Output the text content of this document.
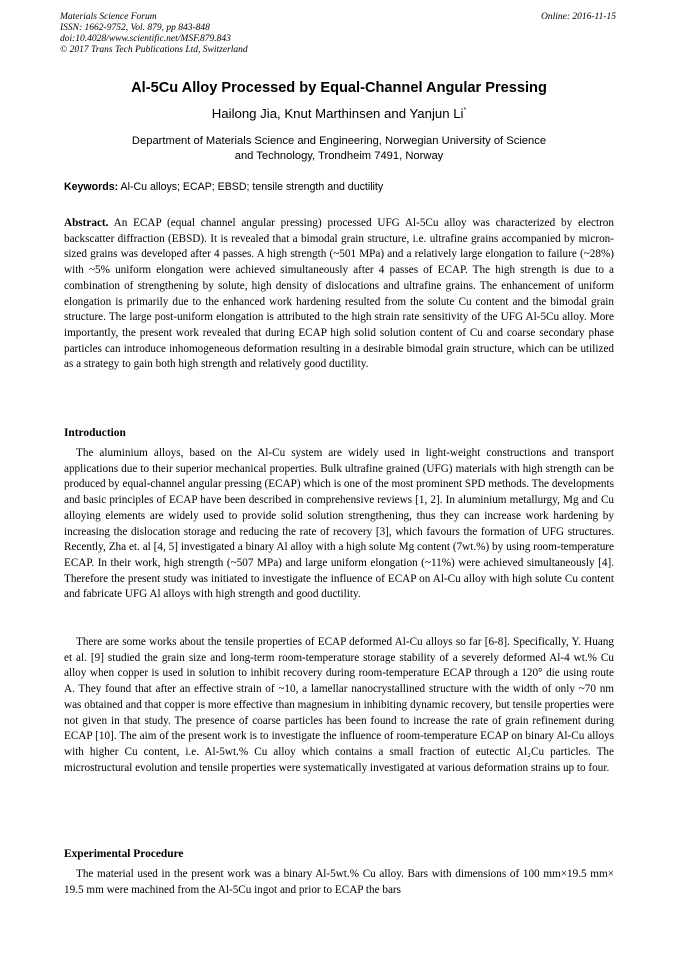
Materials Science Forum
ISSN: 1662-9752, Vol. 879, pp 843-848
doi:10.4028/www.scientific.net/MSF.879.843
© 2017 Trans Tech Publications Ltd, Switzerland
Online: 2016-11-15
Al-5Cu Alloy Processed by Equal-Channel Angular Pressing
Hailong Jia, Knut Marthinsen and Yanjun Li*
Department of Materials Science and Engineering, Norwegian University of Science
and Technology, Trondheim 7491, Norway
Keywords: Al-Cu alloys; ECAP; EBSD; tensile strength and ductility

Abstract. An ECAP (equal channel angular pressing) processed UFG Al-5Cu alloy was characterized by electron backscatter diffraction (EBSD). It is revealed that a bimodal grain structure, i.e. ultrafine grains accompanied by micron-sized grains was developed after 4 passes. A high strength (~501 MPa) and a relatively large elongation to failure (~28%) with ~5% uniform elongation were achieved simultaneously after 4 passes of ECAP. The high strength is due to a combination of strengthening by solute, high density of dislocations and ultrafine grains. The enhancement of uniform elongation is primarily due to the enhanced work hardening resulted from the solute Cu content and the bimodal grain structure. The large post-uniform elongation is attributed to the high strain rate sensitivity of the UFG Al-5Cu alloy. More importantly, the present work revealed that during ECAP high solid solution content of Cu and coarse secondary phase particles can introduce inhomogeneous deformation resulting in a desirable bimodal grain structure, which can be utilized as a strategy to gain both high strength and relatively good ductility.

Introduction

The aluminium alloys, based on the Al-Cu system are widely used in light-weight constructions and transport applications due to their superior mechanical properties. Bulk ultrafine grained (UFG) materials with high strength can be produced by equal-channel angular pressing (ECAP) which is one of the most prominent SPD methods. The developments and basic principles of ECAP have been described in comprehensive reviews [1, 2]. In aluminium metallurgy, Mg and Cu alloying elements are widely used to provide solid solution strengthening, thus they can increase work hardening by increasing the dislocation storage and reducing the rate of recovery [3], which favours the formation of UFG structures. Recently, Zha et. al [4, 5] investigated a binary Al alloy with a high solute Mg content (7wt.%) by using room-temperature ECAP. In their work, high strength (~507 MPa) and large uniform elongation (~11%) were achieved simultaneously [4]. Therefore the present study was initiated to investigate the influence of ECAP on Al-Cu alloy with high solute Cu content and fabricate UFG Al alloys with high strength and good ductility.

There are some works about the tensile properties of ECAP deformed Al-Cu alloys so far [6-8]. Specifically, Y. Huang et al. [9] studied the grain size and long-term room-temperature storage stability of a severely deformed Al-4 wt.% Cu alloy when copper is used in solution to inhibit recovery during room-temperature ECAP through a 120° die using route A. They found that after an effective strain of ~10, a lamellar nanocrystallined structure with the width of only ~70 nm was obtained and that copper is more effective than magnesium in inhibiting dynamic recovery, but tensile properties were not given in that study. The presence of coarse particles has been found to increase the rate of grain refinement during ECAP [10]. The aim of the present work is to investigate the influence of room-temperature ECAP on binary Al-Cu alloys with higher Cu content, i.e. Al-5wt.% Cu alloy which contains a small fraction of eutectic Al₂Cu particles. The microstructural evolution and tensile properties were systematically investigated at various deformation strains up to four.

Experimental Procedure

The material used in the present work was a binary Al-5wt.% Cu alloy. Bars with dimensions of 100 mm×19.5 mm× 19.5 mm were machined from the Al-5Cu ingot and prior to ECAP the bars
